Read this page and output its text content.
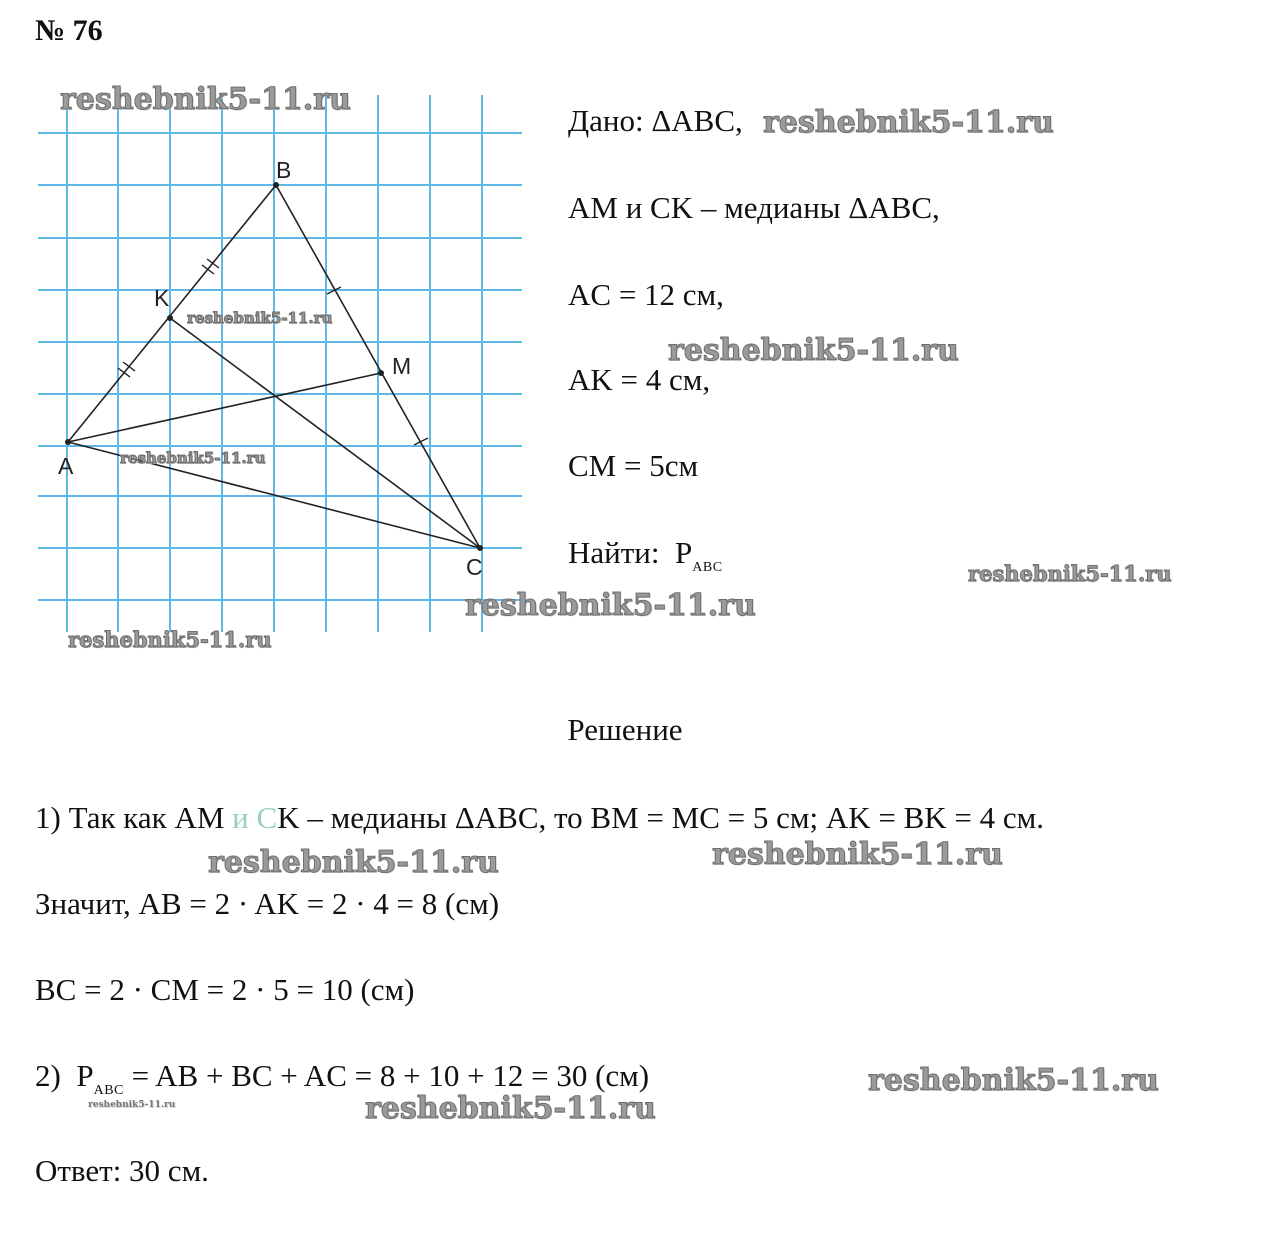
№ 76
A
B
C
K
M
Дано: ΔABC,
AM и CK – медианы ΔABC,
AC = 12 см,
AK = 4 см,
CM = 5см
Найти: $P_{ABC}$
Решение
1) Так как AM и CK – медианы ΔABC, то BM = MC = 5 см; AK = BK = 4 см.
Значит, AB = 2 · AK = 2 · 4 = 8 (см)
BC = 2 · CM = 2 · 5 = 10 (см)
2) $P_{ABC}$ = AB + BC + AC = 8 + 10 + 12 = 30 (см)
Ответ: 30 см.
reshebnik5-11.ru
reshebnik5-11.ru
reshebnik5-11.ru
reshebnik5-11.ru
reshebnik5-11.ru
reshebnik5-11.ru
reshebnik5-11.ru
reshebnik5-11.ru
reshebnik5-11.ru	reshebnik5-11.ru
reshebnik5-11.ru
reshebnik5-11.ru
reshebnik5-11.ru
